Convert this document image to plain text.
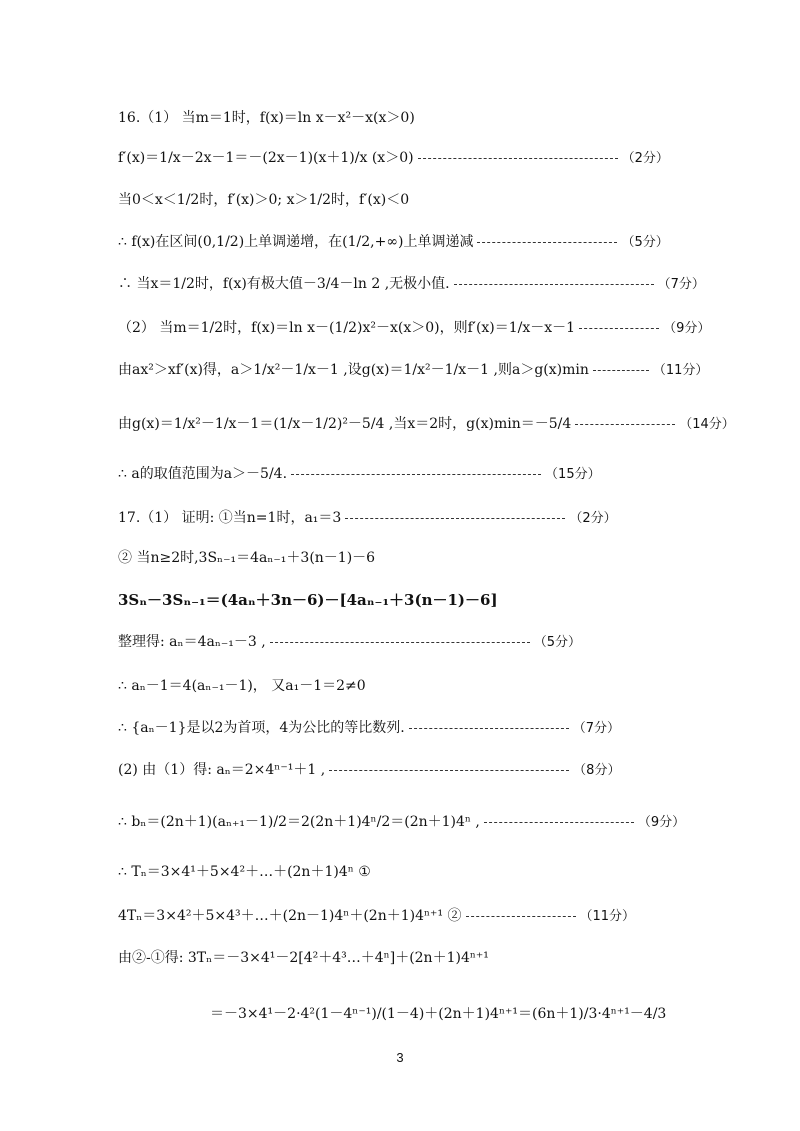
16.（1） 当m＝1时，f(x)＝ln x－x²－x(x＞0)
f′(x)＝1/x－2x－1＝－(2x－1)(x＋1)/x (x＞0)	（2分）
当0＜x＜1/2时，f′(x)＞0; x＞1/2时，f′(x)＜0
∴ f(x)在区间(0,1/2)上单调递增，在(1/2,+∞)上单调递减	（5分）
∴ 当x＝1/2时，f(x)有极大值－3/4－ln 2 ,无极小值.	（7分）
（2） 当m＝1/2时，f(x)＝ln x－(1/2)x²－x(x＞0)，则f′(x)＝1/x－x－1	（9分）
由ax²＞xf′(x)得，a＞1/x²－1/x－1 ,设g(x)＝1/x²－1/x－1 ,则a＞g(x)min	（11分）
由g(x)＝1/x²－1/x－1＝(1/x－1/2)²－5/4 ,当x＝2时，g(x)min＝－5/4	（14分）
∴ a的取值范围为a＞－5/4.	（15分）
17.（1） 证明: ①当n=1时，a₁＝3	（2分）
② 当n≥2时,3Sₙ₋₁＝4aₙ₋₁＋3(n－1)－6
3Sₙ－3Sₙ₋₁＝(4aₙ＋3n－6)－[4aₙ₋₁＋3(n－1)－6]
整理得: aₙ＝4aₙ₋₁－3 ,	（5分）
∴ aₙ－1＝4(aₙ₋₁－1)， 又a₁－1＝2≠0
∴ {aₙ－1}是以2为首项，4为公比的等比数列.	（7分）
(2) 由（1）得: aₙ＝2×4ⁿ⁻¹＋1 ,	（8分）
∴ bₙ＝(2n＋1)(aₙ₊₁－1)/2＝2(2n＋1)4ⁿ/2＝(2n＋1)4ⁿ ,	（9分）
∴ Tₙ＝3×4¹＋5×4²＋…＋(2n＋1)4ⁿ ①
4Tₙ＝3×4²＋5×4³＋…＋(2n－1)4ⁿ＋(2n＋1)4ⁿ⁺¹ ②	（11分）
由②-①得: 3Tₙ＝－3×4¹－2[4²＋4³…＋4ⁿ]＋(2n＋1)4ⁿ⁺¹
＝－3×4¹－2·4²(1－4ⁿ⁻¹)/(1－4)＋(2n＋1)4ⁿ⁺¹＝(6n＋1)/3·4ⁿ⁺¹－4/3
3
